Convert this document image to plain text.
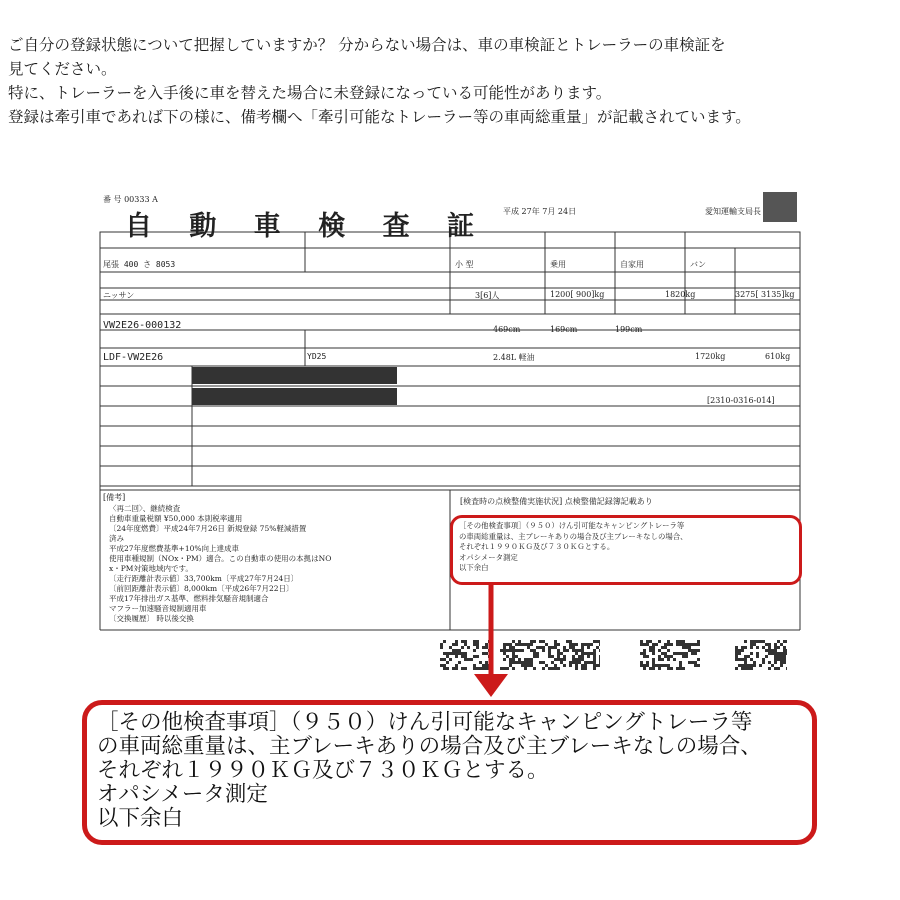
ご自分の登録状態について把握していますか？ 分からない場合は、車の車検証とトレーラーの車検証を

見てください。

特に、トレーラーを入手後に車を替えた場合に未登録になっている可能性があります。

登録は牽引車であれば下の様に、備考欄へ「牽引可能なトレーラー等の車両総重量」が記載されています。

番 号 00333 A
自 動 車 検 査 証 平成 27年 7月 24日	愛知運輸支局長
尾張 400 さ 8053	小 型	乗用	自家用	バン
ニッサン	3[6]人	1200[ 900]kg	1820kg	3275[ 3135]kg
VW2E26-000132	469cm	169cm	199cm
LDF-VW2E26	YD25	2.48L 軽油	1720kg	610kg
[2310-0316-014]
[備考]
〈再二回〉、継続検査
自動車重量税額 ¥50,000 本則税率適用
〔24年度燃費〕平成24年7月26日 新規登録 75%軽減措置
済み
平成27年度燃費基準+10%向上達成車
使用車種規制（NOx・PM）適合。この自動車の使用の本拠はNO
x・PM対策地域内です。
〔走行距離計表示値〕33,700km〔平成27年7月24日〕
〔前回距離計表示値〕8,000km〔平成26年7月22日〕
平成17年排出ガス基準、燃料排気騒音規制適合
マフラー加速騒音規制適用車
〔交換履歴〕 時以後交換
[検査時の点検整備実施状況] 点検整備記録簿記載あり
［その他検査事項］（９５０）けん引可能なキャンピングトレーラ等
の車両総重量は、主ブレーキありの場合及び主ブレーキなしの場合、
それぞれ１９９０ＫＧ及び７３０ＫＧとする。
オパシメータ測定
以下余白
［その他検査事項］（９５０）けん引可能なキャンピングトレーラ等
の車両総重量は、主ブレーキありの場合及び主ブレーキなしの場合、
それぞれ１９９０ＫＧ及び７３０ＫＧとする。
オパシメータ測定
以下余白
